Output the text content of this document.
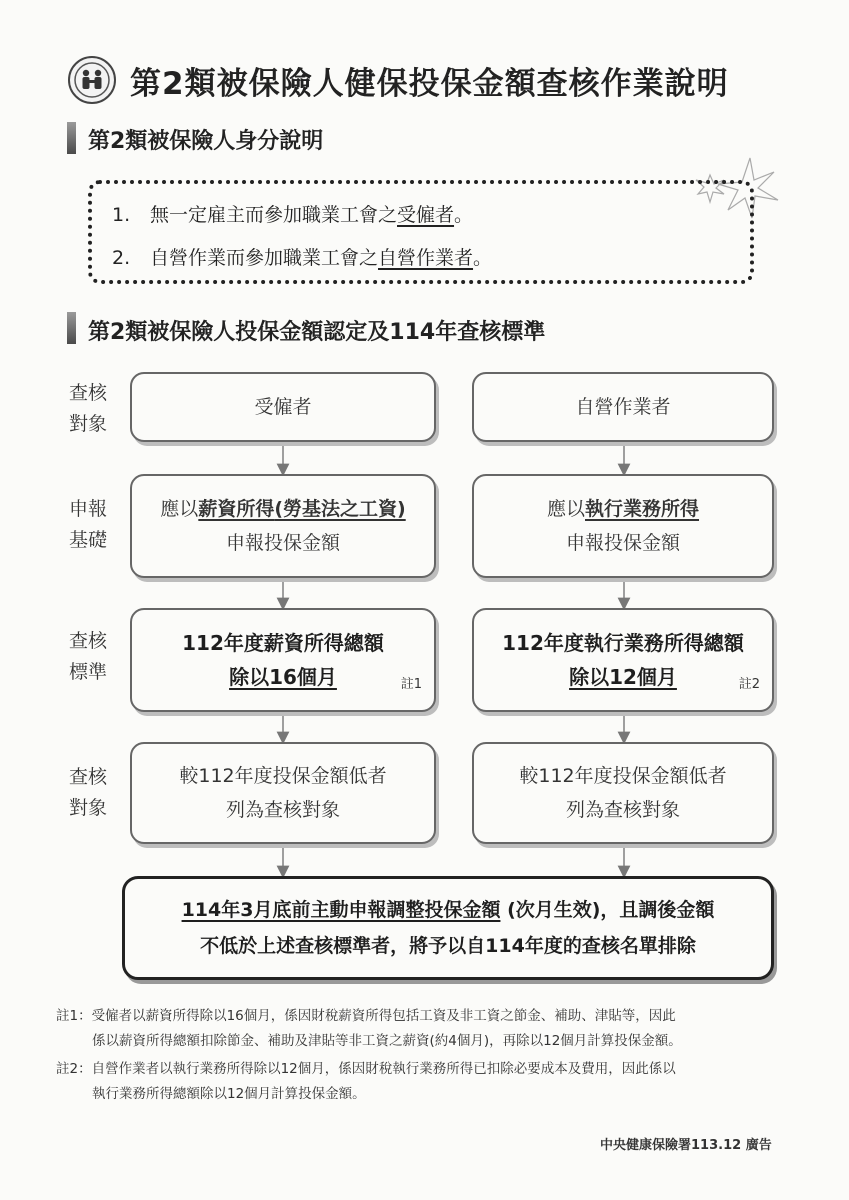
第2類被保險人健保投保金額查核作業說明
第2類被保險人身分說明
1. 無一定雇主而參加職業工會之受僱者。
2. 自營作業而參加職業工會之自營作業者。
第2類被保險人投保金額認定及114年查核標準
查核
對象
申報
基礎
查核
標準
查核
對象
受僱者
應以薪資所得(勞基法之工資)
申報投保金額
112年度薪資所得總額
除以16個月	註1
較112年度投保金額低者
列為查核對象
自營作業者
應以執行業務所得
申報投保金額
112年度執行業務所得總額
除以12個月	註2
較112年度投保金額低者
列為查核對象
114年3月底前主動申報調整投保金額 (次月生效)，且調後金額
不低於上述查核標準者，將予以自114年度的查核名單排除
註1：受僱者以薪資所得除以16個月，係因財稅薪資所得包括工資及非工資之節金、補助、津貼等，因此
係以薪資所得總額扣除節金、補助及津貼等非工資之薪資(約4個月)，再除以12個月計算投保金額。
註2：自營作業者以執行業務所得除以12個月，係因財稅執行業務所得已扣除必要成本及費用，因此係以
執行業務所得總額除以12個月計算投保金額。
中央健康保險署113.12 廣告
